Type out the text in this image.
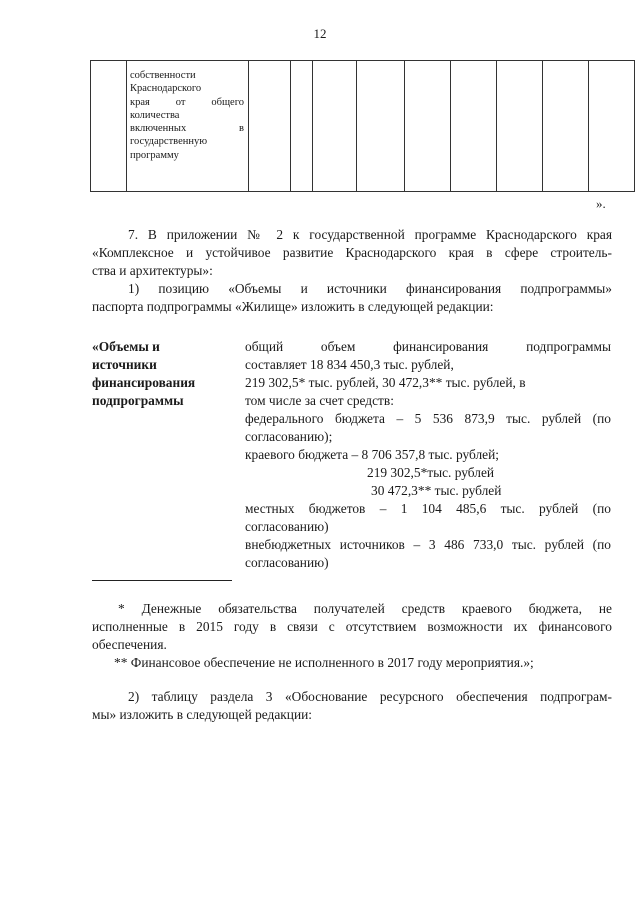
12

собственности
Краснодарского
края от общего
количества
включенных в
государственную
программу

».
7. В приложении № 2 к государственной программе Краснодарского края
«Комплексное и устойчивое развитие Краснодарского края в сфере строитель-
ства и архитектуры»:
1) позицию «Объемы и источники финансирования подпрограммы»
паспорта подпрограммы «Жилище» изложить в следующей редакции:
«Объемы и
источники
финансирования
подпрограммы
общий объем финансирования подпрограммы
составляет 18 834 450,3 тыс. рублей,
219 302,5* тыс. рублей, 30 472,3** тыс. рублей, в
том числе за счет средств:
федерального бюджета – 5 536 873,9 тыс. рублей (по
согласованию);
краевого бюджета – 8 706 357,8 тыс. рублей;
219 302,5*тыс. рублей
30 472,3** тыс. рублей
местных бюджетов – 1 104 485,6 тыс. рублей (по
согласованию)
внебюджетных источников – 3 486 733,0 тыс. рублей (по
согласованию)
* Денежные обязательства получателей средств краевого бюджета, не
исполненные в 2015 году в связи с отсутствием возможности их финансового
обеспечения.
** Финансовое обеспечение не исполненного в 2017 году мероприятия.»;
2) таблицу раздела 3 «Обоснование ресурсного обеспечения подпрограм-
мы» изложить в следующей редакции:
